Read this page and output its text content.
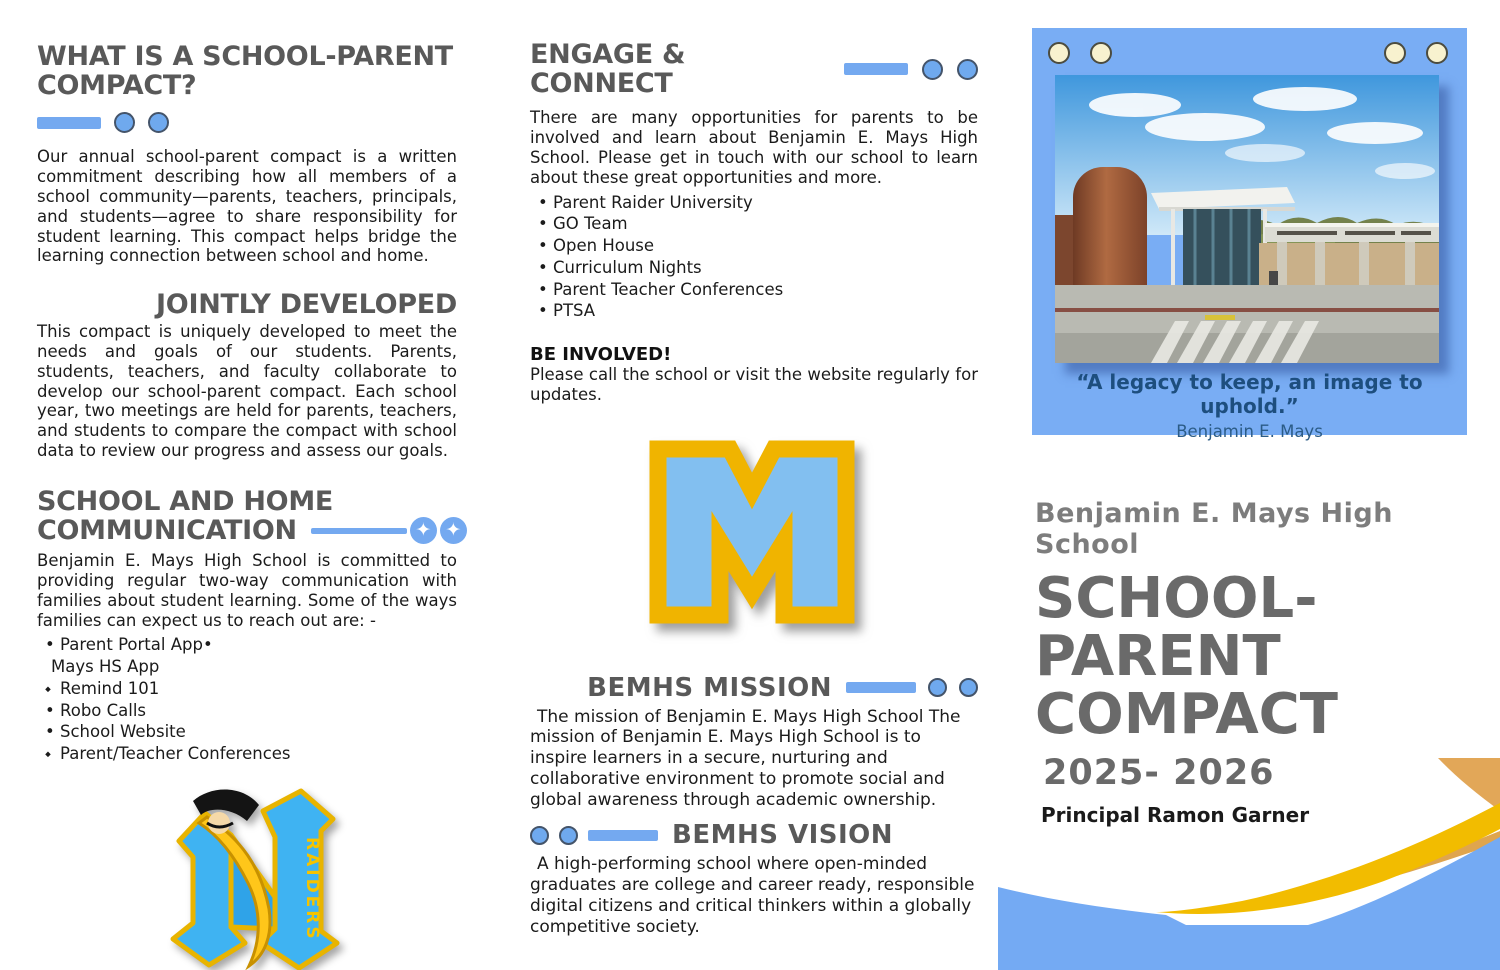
WHAT IS A SCHOOL-PARENT COMPACT?

Our annual school-parent compact is a written commitment describing how all members of a school community—parents, teachers, principals, and students—agree to share responsibility for student learning. This compact helps bridge the learning connection between school and home.

JOINTLY DEVELOPED

This compact is uniquely developed to meet the needs and goals of our students. Parents, students, teachers, and faculty collaborate to develop our school-parent compact. Each school year, two meetings are held for parents, teachers, and students to compare the compact with school data to review our progress and assess our goals.

SCHOOL AND HOME
COMMUNICATION	✦ ✦

Benjamin E. Mays High School is committed to providing regular two-way communication with families about student learning. Some of the ways families can expect us to reach out are: -

• Parent Portal App•
Mays HS App
⬩ Remind 101
• Robo Calls
• School Website
⬩ Parent/Teacher Conferences
RAIDERS
ENGAGE & CONNECT

There are many opportunities for parents to be involved and learn about Benjamin E. Mays High School. Please get in touch with our school to learn about these great opportunities and more.

• Parent Raider University
• GO Team
• Open House
• Curriculum Nights
• Parent Teacher Conferences
• PTSA
BE INVOLVED!

Please call the school or visit the website regularly for updates.

BEMHS MISSION

The mission of Benjamin E. Mays High School The mission of Benjamin E. Mays High School is to inspire learners in a secure, nurturing and collaborative environment to promote social and global awareness through academic ownership.

BEMHS VISION

A high-performing school where open-minded graduates are college and career ready, responsible digital citizens and critical thinkers within a globally competitive society.

“A legacy to keep, an image to uphold.”

Benjamin E. Mays

Benjamin E. Mays High School

SCHOOL-
PARENT
COMPACT

2025- 2026

Principal Ramon Garner
